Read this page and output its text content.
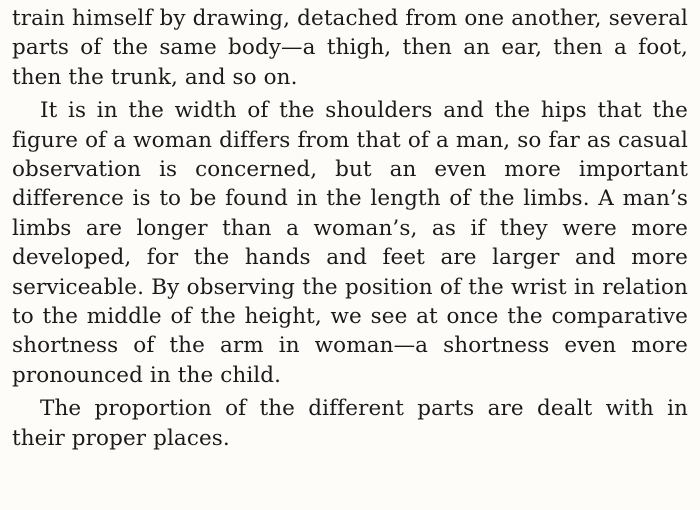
train himself by drawing, detached from one another, several parts of the same body—a thigh, then an ear, then a foot, then the trunk, and so on.

It is in the width of the shoulders and the hips that the figure of a woman differs from that of a man, so far as casual observation is concerned, but an even more important difference is to be found in the length of the limbs. A man’s limbs are longer than a woman’s, as if they were more developed, for the hands and feet are larger and more serviceable. By observing the position of the wrist in relation to the middle of the height, we see at once the comparative shortness of the arm in woman—a shortness even more pronounced in the child.

The proportion of the different parts are dealt with in their proper places.
